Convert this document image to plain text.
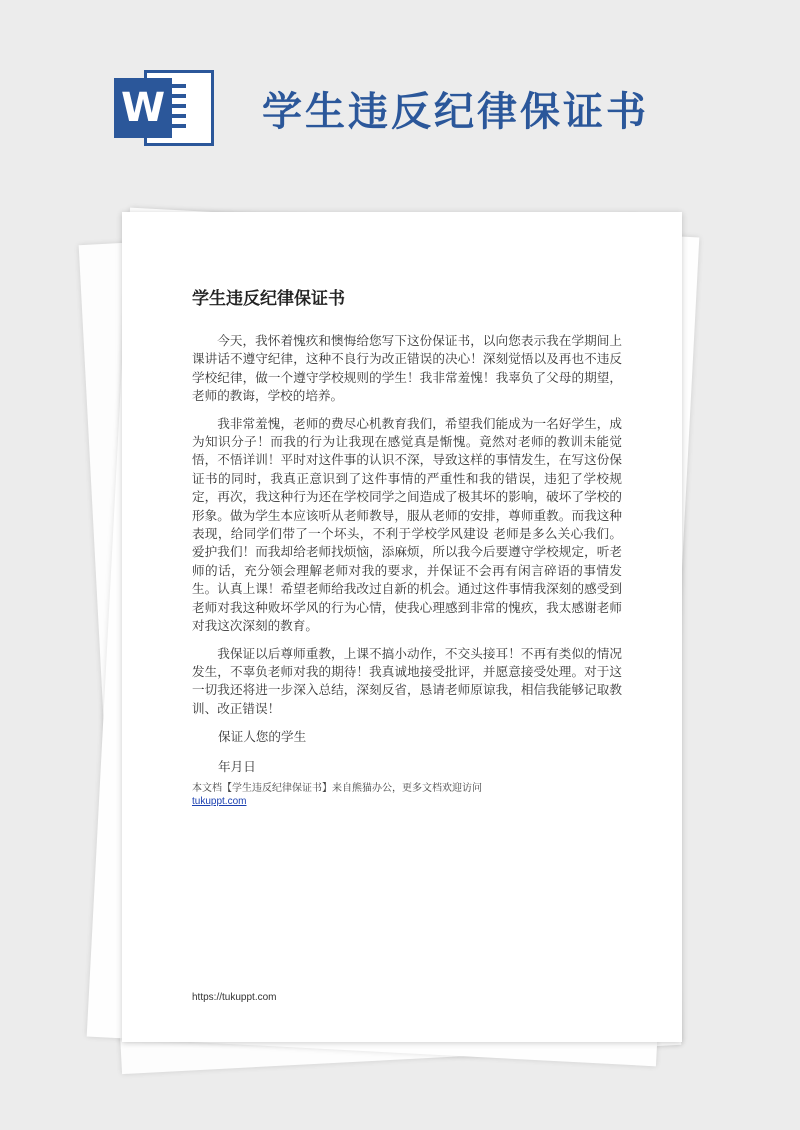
W 学生违反纪律保证书
学生违反纪律保证书

今天，我怀着愧疚和懊悔给您写下这份保证书，以向您表示我在学期间上课讲话不遵守纪律，这种不良行为改正错误的决心！深刻觉悟以及再也不违反学校纪律，做一个遵守学校规则的学生！我非常羞愧！我辜负了父母的期望，老师的教诲，学校的培养。

我非常羞愧，老师的费尽心机教育我们，希望我们能成为一名好学生，成为知识分子！而我的行为让我现在感觉真是惭愧。竟然对老师的教训未能觉悟，不悟详训！平时对这件事的认识不深，导致这样的事情发生，在写这份保证书的同时，我真正意识到了这件事情的严重性和我的错误，违犯了学校规定，再次，我这种行为还在学校同学之间造成了极其坏的影响，破坏了学校的形象。做为学生本应该听从老师教导，服从老师的安排，尊师重教。而我这种表现，给同学们带了一个坏头，不利于学校学风建设 老师是多么关心我们。爱护我们！而我却给老师找烦恼，添麻烦，所以我今后要遵守学校规定，听老师的话，充分领会理解老师对我的要求，并保证不会再有闲言碎语的事情发生。认真上课！希望老师给我改过自新的机会。通过这件事情我深刻的感受到老师对我这种败坏学风的行为心情，使我心理感到非常的愧疚，我太感谢老师对我这次深刻的教育。

我保证以后尊师重教，上课不搞小动作，不交头接耳！不再有类似的情况发生，不辜负老师对我的期待！我真诚地接受批评，并愿意接受处理。对于这一切我还将进一步深入总结，深刻反省，恳请老师原谅我，相信我能够记取教训、改正错误！

保证人您的学生
年月日
本文档【学生违反纪律保证书】来自熊猫办公，更多文档欢迎访问
tukuppt.com
https://tukuppt.com
